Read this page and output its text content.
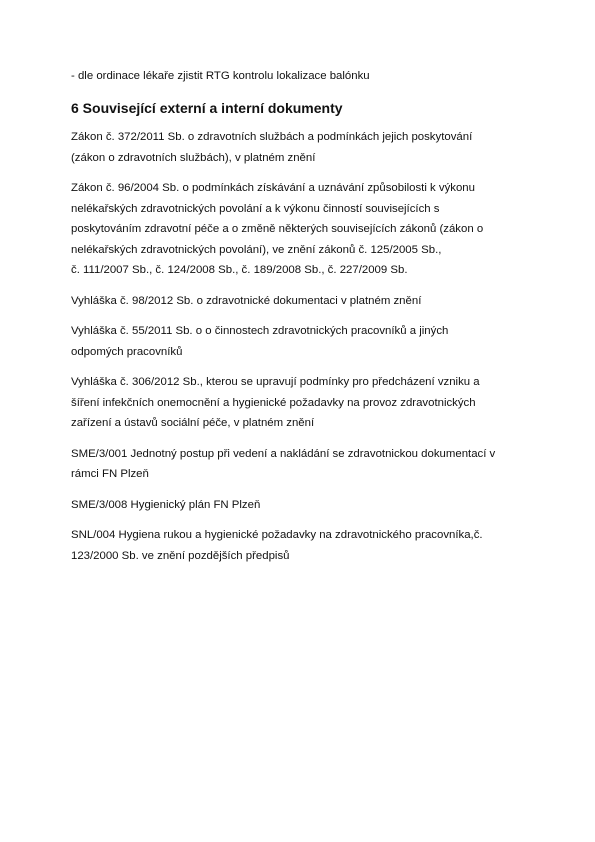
- dle ordinace lékaře zjistit RTG kontrolu lokalizace balónku

6 Související externí a interní dokumenty

Zákon č. 372/2011 Sb. o zdravotních službách a podmínkách jejich poskytování
(zákon o zdravotních službách), v platném znění

Zákon č. 96/2004 Sb. o podmínkách získávání a uznávání způsobilosti k výkonu
nelékařských zdravotnických povolání a k výkonu činností souvisejících s
poskytováním zdravotní péče a o změně některých souvisejících zákonů (zákon o
nelékařských zdravotnických povolání), ve znění zákonů č. 125/2005 Sb.,
č. 111/2007 Sb., č. 124/2008 Sb., č. 189/2008 Sb., č. 227/2009 Sb.

Vyhláška č. 98/2012 Sb. o zdravotnické dokumentaci v platném znění

Vyhláška č. 55/2011 Sb. o o činnostech zdravotnických pracovníků a jiných
odpomých pracovníků

Vyhláška č. 306/2012 Sb., kterou se upravují podmínky pro předcházení vzniku a
šíření infekčních onemocnění a hygienické požadavky na provoz zdravotnických
zařízení a ústavů sociální péče, v platném znění

SME/3/001 Jednotný postup při vedení a nakládání se zdravotnickou dokumentací v
rámci FN Plzeň

SME/3/008 Hygienický plán FN Plzeň

SNL/004 Hygiena rukou a hygienické požadavky na zdravotnického pracovníka,č.
123/2000 Sb. ve znění pozdějších předpisů
